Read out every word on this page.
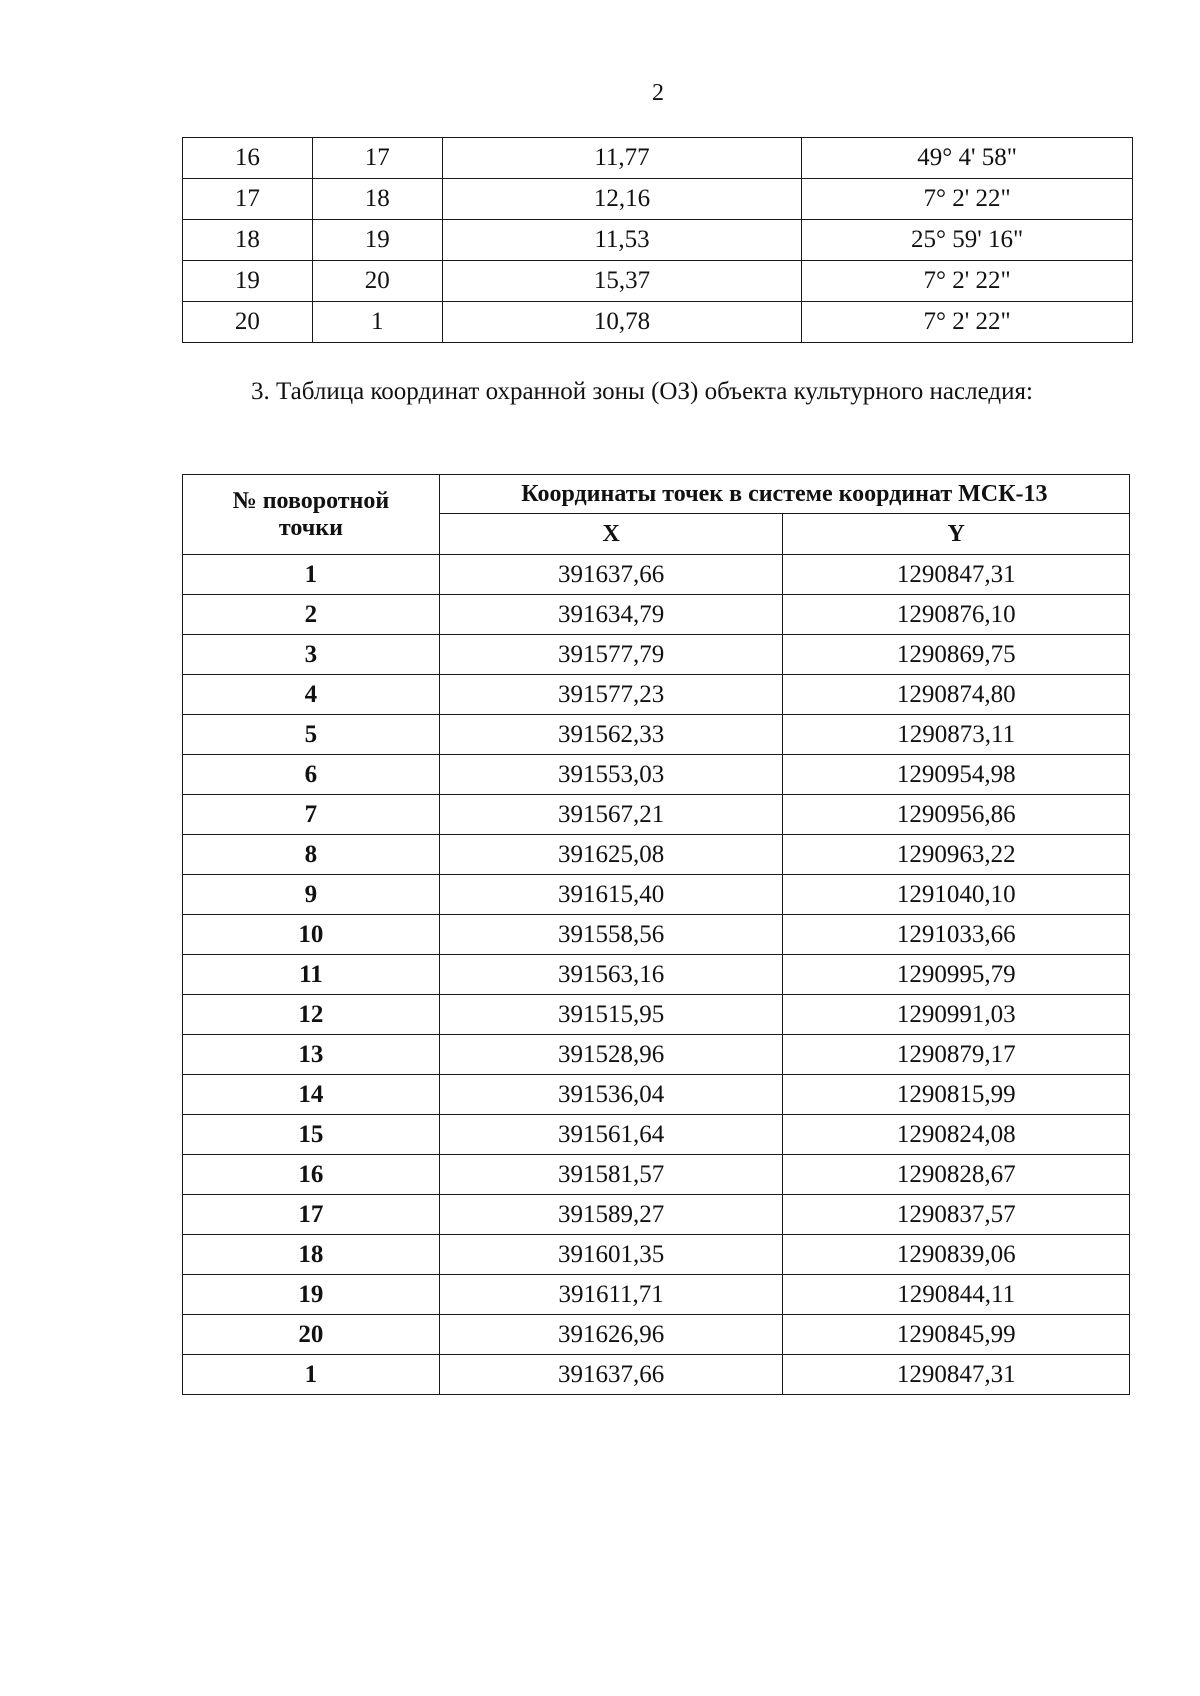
2
16	17	11,77	49° 4' 58"
17	18	12,16	7° 2' 22"
18	19	11,53	25° 59' 16"
19	20	15,37	7° 2' 22"
20	1	10,78	7° 2' 22"
3. Таблица координат охранной зоны (ОЗ) объекта культурного наследия:
№ поворотной точки	Координаты точек в системе координат МСК-13	
	X	Y
1	391637,66	1290847,31
2	391634,79	1290876,10
3	391577,79	1290869,75
4	391577,23	1290874,80
5	391562,33	1290873,11
6	391553,03	1290954,98
7	391567,21	1290956,86
8	391625,08	1290963,22
9	391615,40	1291040,10
10	391558,56	1291033,66
11	391563,16	1290995,79
12	391515,95	1290991,03
13	391528,96	1290879,17
14	391536,04	1290815,99
15	391561,64	1290824,08
16	391581,57	1290828,67
17	391589,27	1290837,57
18	391601,35	1290839,06
19	391611,71	1290844,11
20	391626,96	1290845,99
1	391637,66	1290847,31
